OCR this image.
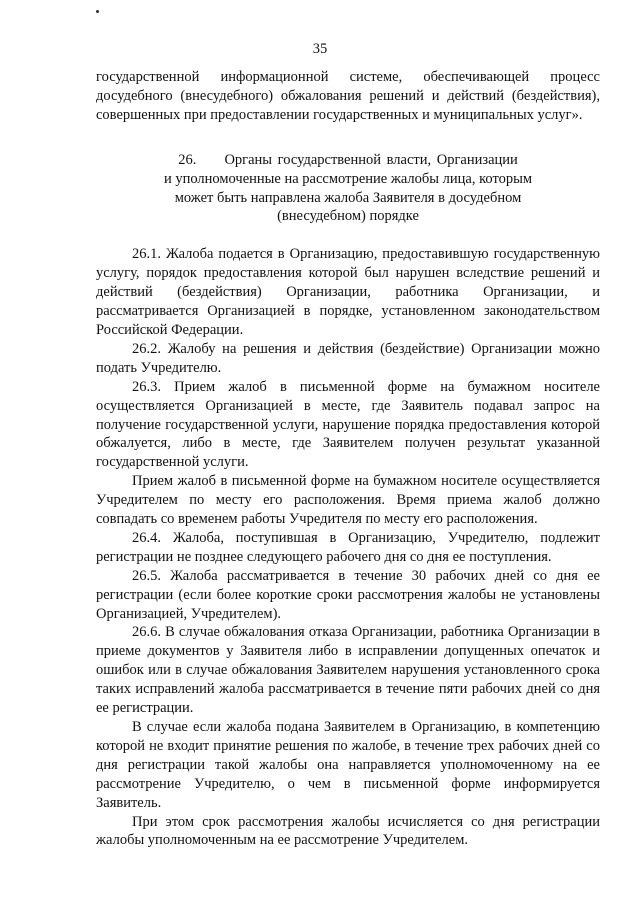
35

государственной информационной системе, обеспечивающей процесс досудебного (внесудебного) обжалования решений и действий (бездействия), совершенных при предоставлении государственных и муниципальных услуг».

26.     Органы государственной власти, Организации
и уполномоченные на рассмотрение жалобы лица, которым
может быть направлена жалоба Заявителя в досудебном
(внесудебном) порядке

26.1. Жалоба подается в Организацию, предоставившую государственную услугу, порядок предоставления которой был нарушен вследствие решений и действий (бездействия) Организации, работника Организации, и рассматривается Организацией в порядке, установленном законодательством Российской Федерации.

26.2. Жалобу на решения и действия (бездействие) Организации можно подать Учредителю.

26.3. Прием жалоб в письменной форме на бумажном носителе осуществляется Организацией в месте, где Заявитель подавал запрос на получение государственной услуги, нарушение порядка предоставления которой обжалуется, либо в месте, где Заявителем получен результат указанной государственной услуги.

Прием жалоб в письменной форме на бумажном носителе осуществляется Учредителем по месту его расположения. Время приема жалоб должно совпадать со временем работы Учредителя по месту его расположения.

26.4. Жалоба, поступившая в Организацию, Учредителю, подлежит регистрации не позднее следующего рабочего дня со дня ее поступления.

26.5. Жалоба рассматривается в течение 30 рабочих дней со дня ее регистрации (если более короткие сроки рассмотрения жалобы не установлены Организацией, Учредителем).

26.6. В случае обжалования отказа Организации, работника Организации в приеме документов у Заявителя либо в исправлении допущенных опечаток и ошибок или в случае обжалования Заявителем нарушения установленного срока таких исправлений жалоба рассматривается в течение пяти рабочих дней со дня ее регистрации.

В случае если жалоба подана Заявителем в Организацию, в компетенцию которой не входит принятие решения по жалобе, в течение трех рабочих дней со дня регистрации такой жалобы она направляется уполномоченному на ее рассмотрение Учредителю, о чем в письменной форме информируется Заявитель.

При этом срок рассмотрения жалобы исчисляется со дня регистрации жалобы уполномоченным на ее рассмотрение Учредителем.
